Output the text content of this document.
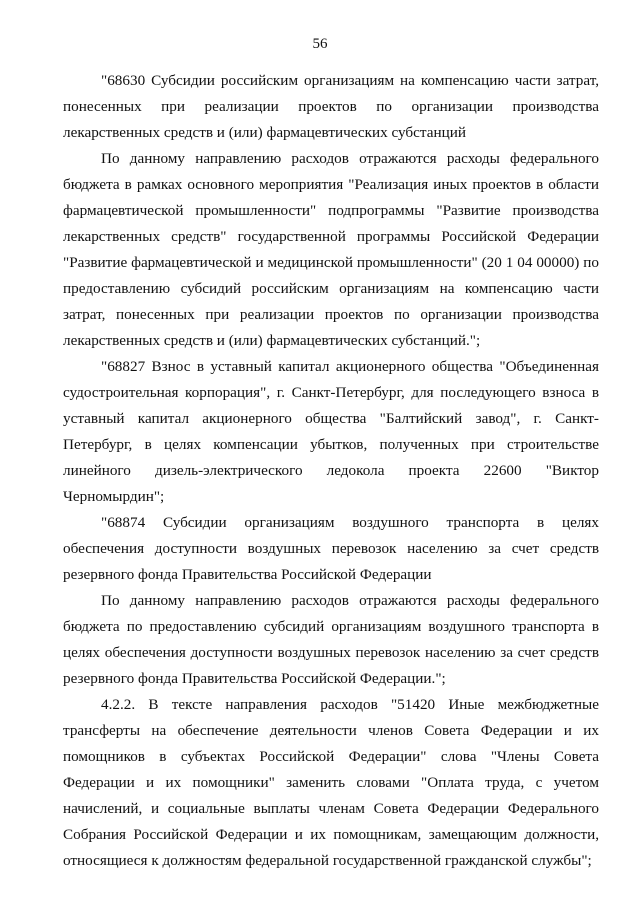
56

"68630 Субсидии российским организациям на компенсацию части затрат, понесенных при реализации проектов по организации производства лекарственных средств и (или) фармацевтических субстанций

По данному направлению расходов отражаются расходы федерального бюджета в рамках основного мероприятия "Реализация иных проектов в области фармацевтической промышленности" подпрограммы "Развитие производства лекарственных средств" государственной программы Российской Федерации "Развитие фармацевтической и медицинской промышленности" (20 1 04 00000) по предоставлению субсидий российским организациям на компенсацию части затрат, понесенных при реализации проектов по организации производства лекарственных средств и (или) фармацевтических субстанций.";

"68827 Взнос в уставный капитал акционерного общества "Объединенная судостроительная корпорация", г. Санкт-Петербург, для последующего взноса в уставный капитал акционерного общества "Балтийский завод", г. Санкт-Петербург, в целях компенсации убытков, полученных при строительстве линейного дизель-электрического ледокола проекта 22600 "Виктор Черномырдин";

"68874 Субсидии организациям воздушного транспорта в целях обеспечения доступности воздушных перевозок населению за счет средств резервного фонда Правительства Российской Федерации

По данному направлению расходов отражаются расходы федерального бюджета по предоставлению субсидий организациям воздушного транспорта в целях обеспечения доступности воздушных перевозок населению за счет средств резервного фонда Правительства Российской Федерации.";

4.2.2. В тексте направления расходов "51420 Иные межбюджетные трансферты на обеспечение деятельности членов Совета Федерации и их помощников в субъектах Российской Федерации" слова "Члены Совета Федерации и их помощники" заменить словами "Оплата труда, с учетом начислений, и социальные выплаты членам Совета Федерации Федерального Собрания Российской Федерации и их помощникам, замещающим должности, относящиеся к должностям федеральной государственной гражданской службы";
